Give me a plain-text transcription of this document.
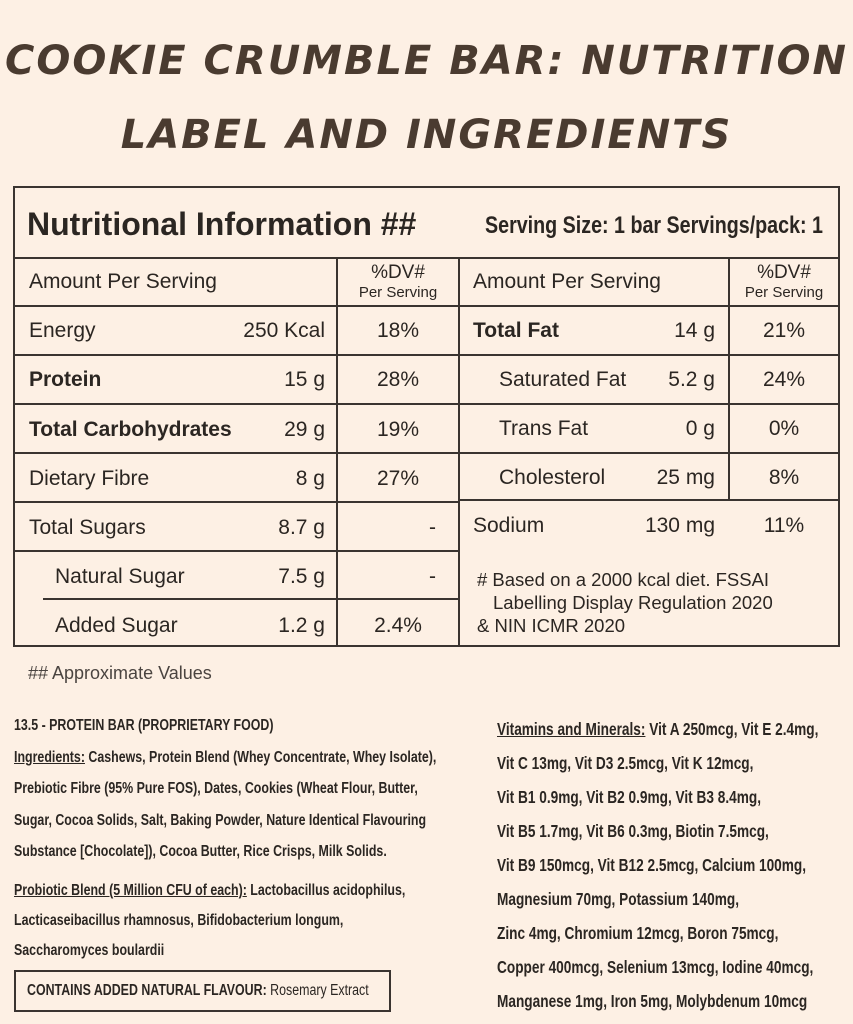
COOKIE CRUMBLE BAR: NUTRITION
LABEL AND INGREDIENTS
Nutritional Information ##	Serving Size: 1 bar Servings/pack: 1
Amount Per Serving	%DV#
Per Serving
Energy	250 Kcal	18%
Protein	15 g	28%
Total Carbohydrates	29 g	19%
Dietary Fibre	8 g	27%
Total Sugars	8.7 g	-
Natural Sugar	7.5 g	-
Added Sugar	1.2 g	2.4%
Amount Per Serving	%DV#
Per Serving
Total Fat	14 g	21%
Saturated Fat	5.2 g	24%
Trans Fat	0 g	0%
Cholesterol	25 mg	8%
Sodium	130 mg	11%
# Based on a 2000 kcal diet. FSSAI
Labelling Display Regulation 2020
& NIN ICMR 2020
## Approximate Values
13.5 - PROTEIN BAR (PROPRIETARY FOOD)
Ingredients: Cashews, Protein Blend (Whey Concentrate, Whey Isolate),
Prebiotic Fibre (95% Pure FOS), Dates, Cookies (Wheat Flour, Butter,
Sugar, Cocoa Solids, Salt, Baking Powder, Nature Identical Flavouring
Substance [Chocolate]), Cocoa Butter, Rice Crisps, Milk Solids.
Probiotic Blend (5 Million CFU of each): Lactobacillus acidophilus,
Lacticaseibacillus rhamnosus, Bifidobacterium longum,
Saccharomyces boulardii
CONTAINS ADDED NATURAL FLAVOUR: Rosemary Extract
Vitamins and Minerals: Vit A 250mcg, Vit E 2.4mg,
Vit C 13mg, Vit D3 2.5mcg, Vit K 12mcg,
Vit B1 0.9mg, Vit B2 0.9mg, Vit B3 8.4mg,
Vit B5 1.7mg, Vit B6 0.3mg, Biotin 7.5mcg,
Vit B9 150mcg, Vit B12 2.5mcg, Calcium 100mg,
Magnesium 70mg, Potassium 140mg,
Zinc 4mg, Chromium 12mcg, Boron 75mcg,
Copper 400mcg, Selenium 13mcg, Iodine 40mcg,
Manganese 1mg, Iron 5mg, Molybdenum 10mcg
